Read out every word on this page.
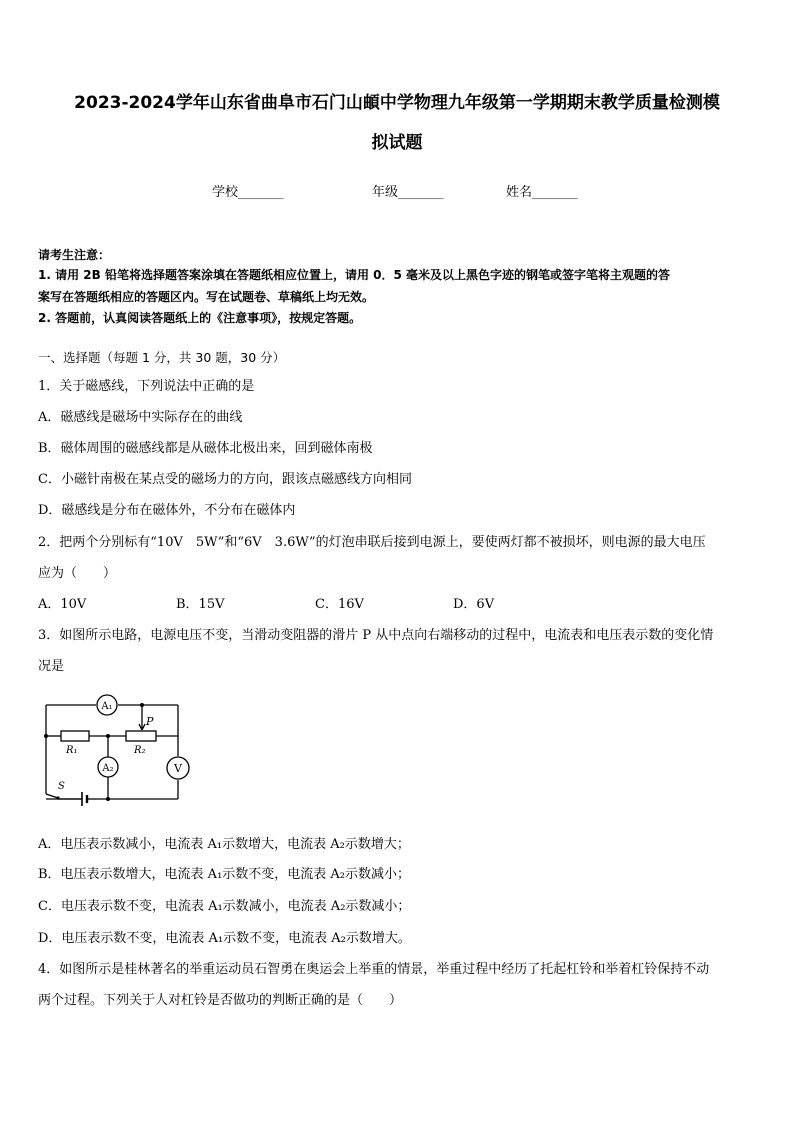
2023-2024学年山东省曲阜市石门山頔中学物理九年级第一学期期末教学质量检测模
拟试题
学校_______	年级_______	姓名_______
请考生注意：
1. 请用 2B 铅笔将选择题答案涂填在答题纸相应位置上，请用 0．5 毫米及以上黑色字迹的钢笔或签字笔将主观题的答
案写在答题纸相应的答题区内。写在试题卷、草稿纸上均无效。
2. 答题前，认真阅读答题纸上的《注意事项》，按规定答题。
一、选择题（每题 1 分，共 30 题，30 分）
1．关于磁感线，下列说法中正确的是
A．磁感线是磁场中实际存在的曲线
B．磁体周围的磁感线都是从磁体北极出来，回到磁体南极
C．小磁针南极在某点受的磁场力的方向，跟该点磁感线方向相同
D．磁感线是分布在磁体外，不分布在磁体内
2．把两个分别标有“10V　5W”和“6V　3.6W”的灯泡串联后接到电源上，要使两灯都不被损坏，则电源的最大电压
应为（　　）
A．10V	B．15V	C．16V	D．6V
3．如图所示电路，电源电压不变，当滑动变阻器的滑片 P 从中点向右端移动的过程中，电流表和电压表示数的变化情
况是
A₁
A₂	V
P
R₁	R₂
S
A．电压表示数减小，电流表 A₁示数增大，电流表 A₂示数增大；
B．电压表示数增大，电流表 A₁示数不变，电流表 A₂示数减小；
C．电压表示数不变，电流表 A₁示数减小，电流表 A₂示数减小；
D．电压表示数不变，电流表 A₁示数不变，电流表 A₂示数增大。
4．如图所示是桂林著名的举重运动员石智勇在奥运会上举重的情景，举重过程中经历了托起杠铃和举着杠铃保持不动
两个过程。下列关于人对杠铃是否做功的判断正确的是（　　）
